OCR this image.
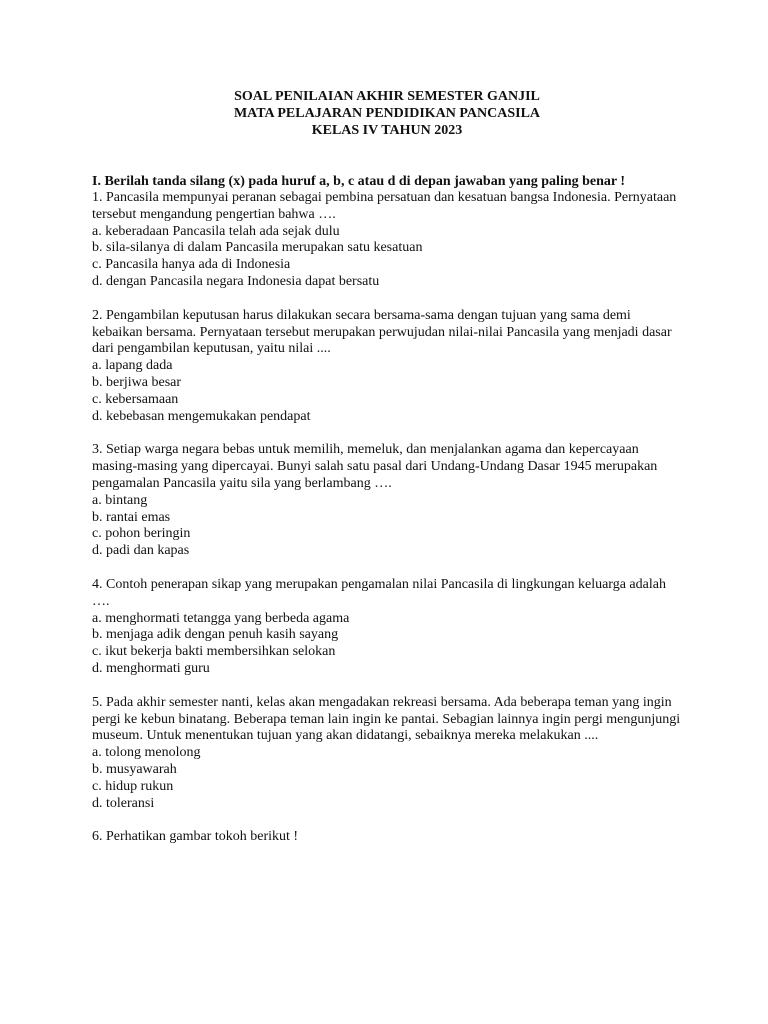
SOAL PENILAIAN AKHIR SEMESTER GANJIL
MATA PELAJARAN PENDIDIKAN PANCASILA
KELAS IV TAHUN 2023
I. Berilah tanda silang (x) pada huruf a, b, c atau d di depan jawaban yang paling benar !
1. Pancasila mempunyai peranan sebagai pembina persatuan dan kesatuan bangsa Indonesia. Pernyataan tersebut mengandung pengertian bahwa ….
a. keberadaan Pancasila telah ada sejak dulu
b. sila-silanya di dalam Pancasila merupakan satu kesatuan
c. Pancasila hanya ada di Indonesia
d. dengan Pancasila negara Indonesia dapat bersatu
2. Pengambilan keputusan harus dilakukan secara bersama-sama dengan tujuan yang sama demi kebaikan bersama. Pernyataan tersebut merupakan perwujudan nilai-nilai Pancasila yang menjadi dasar dari pengambilan keputusan, yaitu nilai ....
a. lapang dada
b. berjiwa besar
c. kebersamaan
d. kebebasan mengemukakan pendapat
3. Setiap warga negara bebas untuk memilih, memeluk, dan menjalankan agama dan kepercayaan masing-masing yang dipercayai. Bunyi salah satu pasal dari Undang-Undang Dasar 1945 merupakan pengamalan Pancasila yaitu sila yang berlambang ….
a. bintang
b. rantai emas
c. pohon beringin
d. padi dan kapas
4. Contoh penerapan sikap yang merupakan pengamalan nilai Pancasila di lingkungan keluarga adalah ….
a. menghormati tetangga yang berbeda agama
b. menjaga adik dengan penuh kasih sayang
c. ikut bekerja bakti membersihkan selokan
d. menghormati guru
5. Pada akhir semester nanti, kelas akan mengadakan rekreasi bersama. Ada beberapa teman yang ingin pergi ke kebun binatang. Beberapa teman lain ingin ke pantai. Sebagian lainnya ingin pergi mengunjungi museum. Untuk menentukan tujuan yang akan didatangi, sebaiknya mereka melakukan ....
a. tolong menolong
b. musyawarah
c. hidup rukun
d. toleransi
6. Perhatikan gambar tokoh berikut !
